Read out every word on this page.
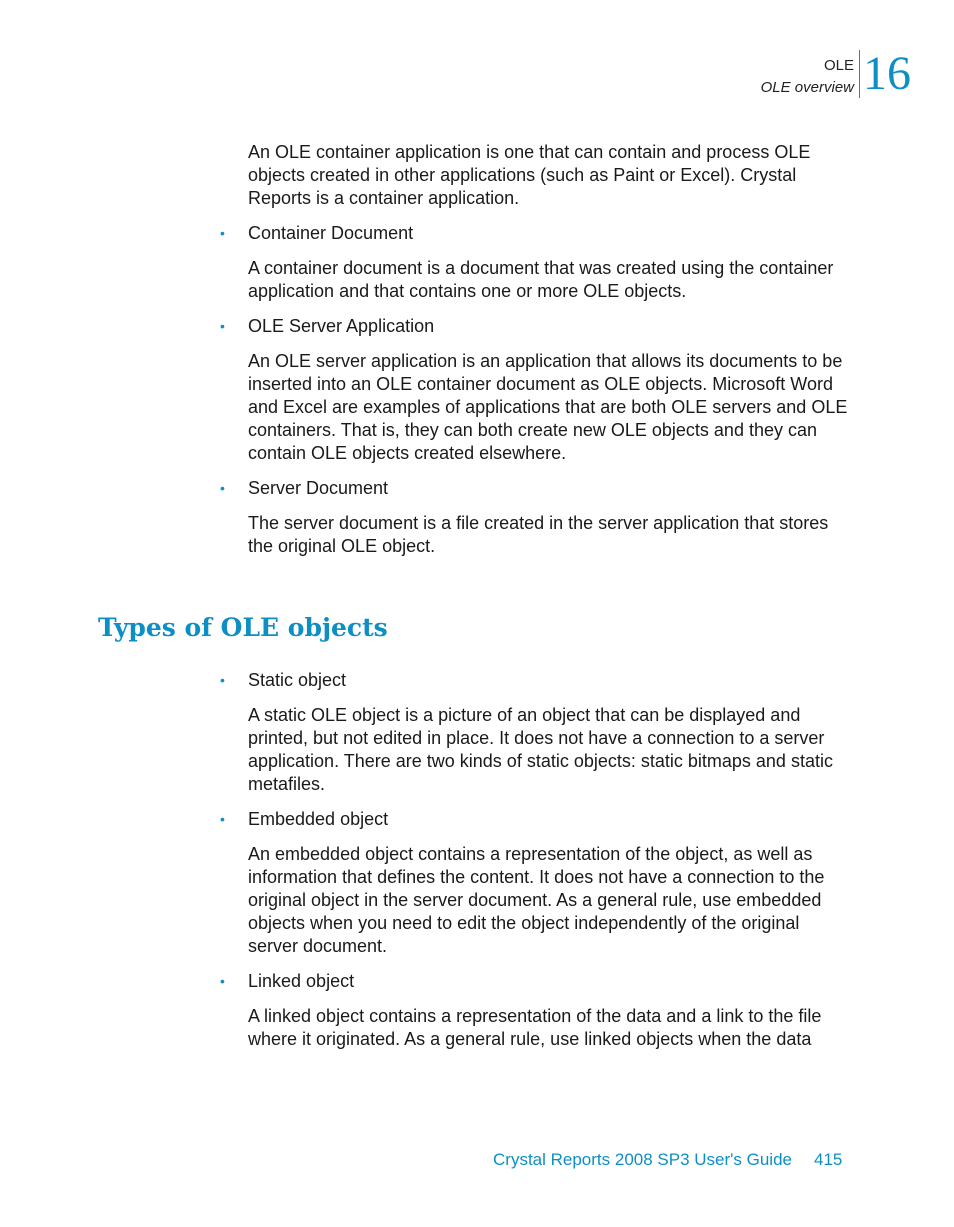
OLE
OLE overview 16

An OLE container application is one that can contain and process OLE objects created in other applications (such as Paint or Excel). Crystal Reports is a container application.

• Container Document

A container document is a document that was created using the container application and that contains one or more OLE objects.

• OLE Server Application

An OLE server application is an application that allows its documents to be inserted into an OLE container document as OLE objects. Microsoft Word and Excel are examples of applications that are both OLE servers and OLE containers. That is, they can both create new OLE objects and they can contain OLE objects created elsewhere.

• Server Document

The server document is a file created in the server application that stores the original OLE object.

Types of OLE objects
• Static object

A static OLE object is a picture of an object that can be displayed and printed, but not edited in place. It does not have a connection to a server application. There are two kinds of static objects: static bitmaps and static metafiles.

• Embedded object

An embedded object contains a representation of the object, as well as information that defines the content. It does not have a connection to the original object in the server document. As a general rule, use embedded objects when you need to edit the object independently of the original server document.

• Linked object

A linked object contains a representation of the data and a link to the file where it originated. As a general rule, use linked objects when the data

Crystal Reports 2008 SP3 User's Guide 415
